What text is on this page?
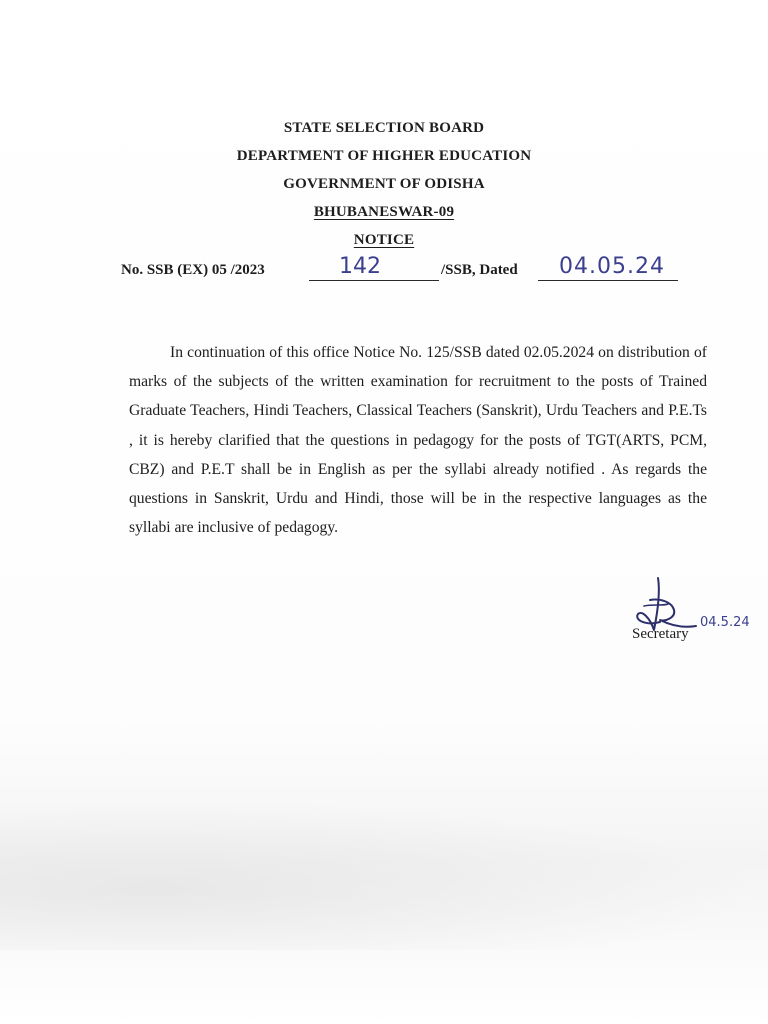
STATE SELECTION BOARD
DEPARTMENT OF HIGHER EDUCATION
GOVERNMENT OF ODISHA
BHUBANESWAR-09
NOTICE
No. SSB (EX) 05 /2023	142	/SSB, Dated 04.05.24

In continuation of this office Notice No. 125/SSB dated 02.05.2024 on distribution of marks of the subjects of the written examination for recruitment to the posts of Trained Graduate Teachers, Hindi Teachers, Classical Teachers (Sanskrit), Urdu Teachers and P.E.Ts , it is hereby clarified that the questions in pedagogy for the posts of TGT(ARTS, PCM, CBZ) and P.E.T shall be in English as per the syllabi already notified . As regards the questions in Sanskrit, Urdu and Hindi, those will be in the respective languages as the syllabi are inclusive of pedagogy.

Secretary
04.5.24
